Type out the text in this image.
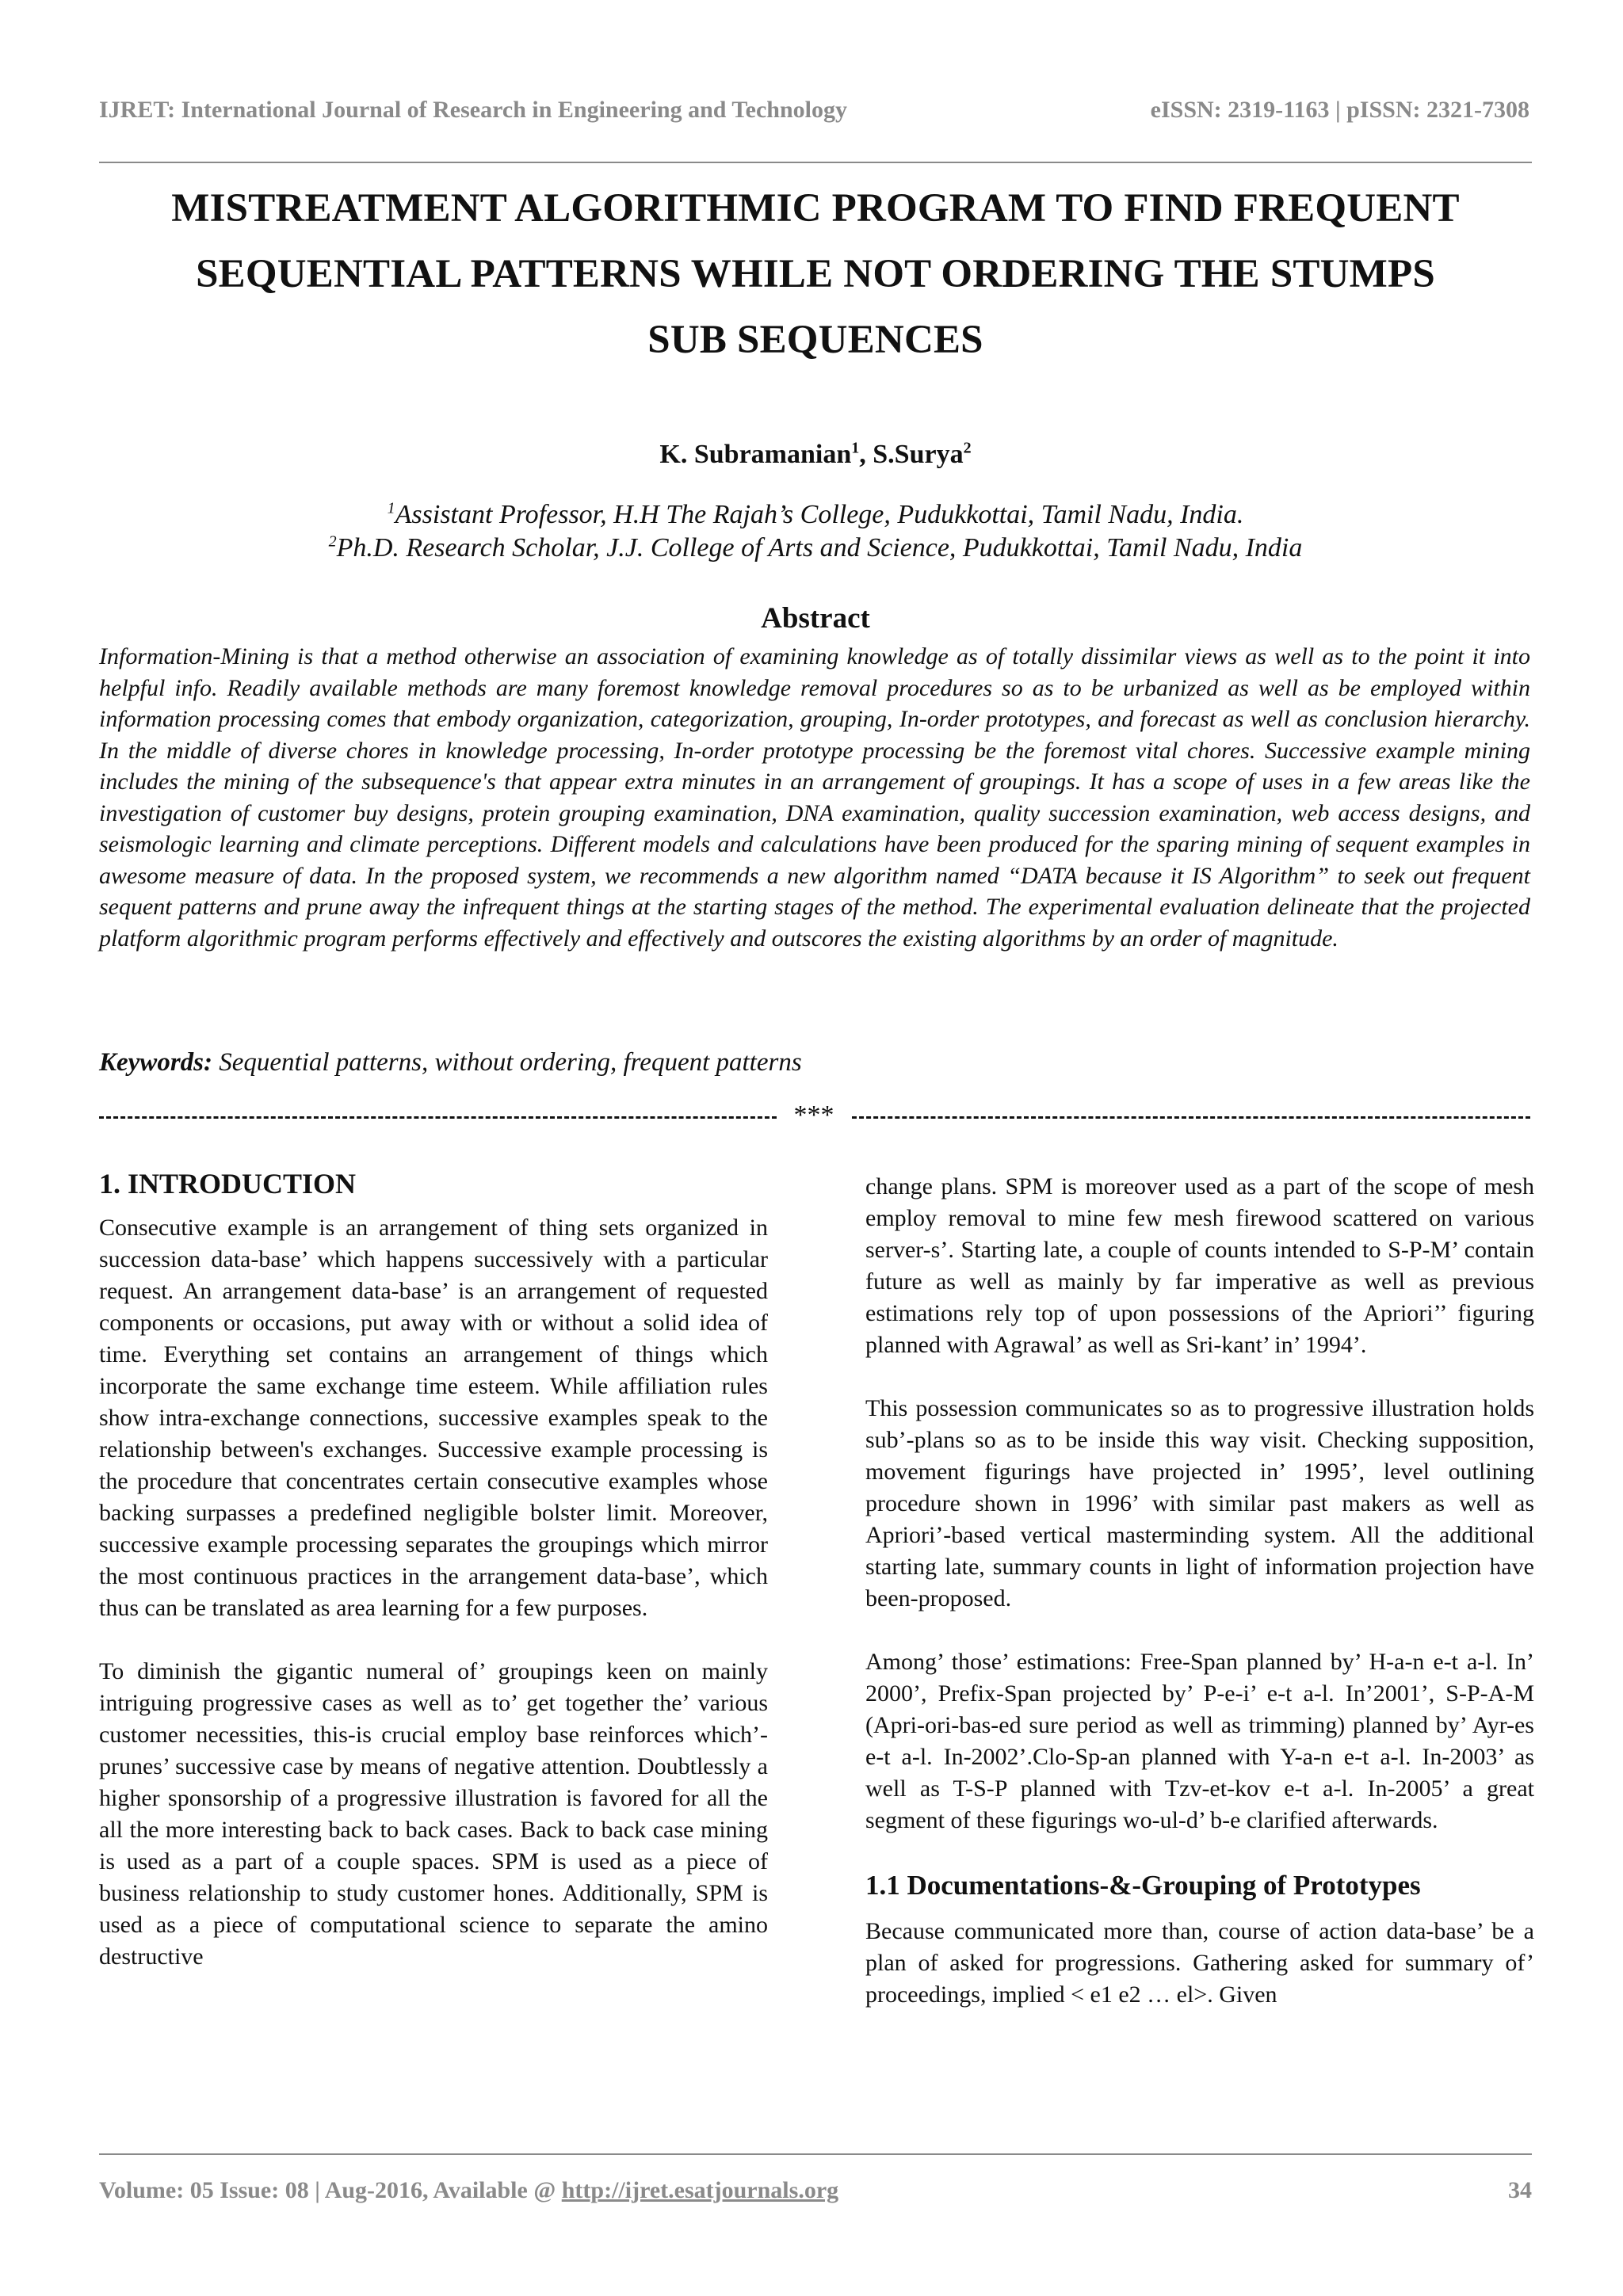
IJRET: International Journal of Research in Engineering and Technology	eISSN: 2319-1163 | pISSN: 2321-7308
MISTREATMENT ALGORITHMIC PROGRAM TO FIND FREQUENT
SEQUENTIAL PATTERNS WHILE NOT ORDERING THE STUMPS
SUB SEQUENCES
K. Subramanian$^1$, S.Surya$^2$
$^1$Assistant Professor, H.H The Rajah’s College, Pudukkottai, Tamil Nadu, India.
$^2$Ph.D. Research Scholar, J.J. College of Arts and Science, Pudukkottai, Tamil Nadu, India
Abstract
Information-Mining is that a method otherwise an association of examining knowledge as of totally dissimilar views as well as to the point it into helpful info. Readily available methods are many foremost knowledge removal procedures so as to be urbanized as well as be employed within information processing comes that embody organization, categorization, grouping, In-order prototypes, and forecast as well as conclusion hierarchy. In the middle of diverse chores in knowledge processing, In-order prototype processing be the foremost vital chores. Successive example mining includes the mining of the subsequence's that appear extra minutes in an arrangement of groupings. It has a scope of uses in a few areas like the investigation of customer buy designs, protein grouping examination, DNA examination, quality succession examination, web access designs, and seismologic learning and climate perceptions. Different models and calculations have been produced for the sparing mining of sequent examples in awesome measure of data. In the proposed system, we recommends a new algorithm named “DATA because it IS Algorithm” to seek out frequent sequent patterns and prune away the infrequent things at the starting stages of the method. The experimental evaluation delineate that the projected platform algorithmic program performs effectively and effectively and outscores the existing algorithms by an order of magnitude.
Keywords: Sequential patterns, without ordering, frequent patterns
***
1. INTRODUCTION

Consecutive example is an arrangement of thing sets organized in succession data-base’ which happens successively with a particular request. An arrangement data-base’ is an arrangement of requested components or occasions, put away with or without a solid idea of time. Everything set contains an arrangement of things which incorporate the same exchange time esteem. While affiliation rules show intra-exchange connections, successive examples speak to the relationship between's exchanges. Successive example processing is the procedure that concentrates certain consecutive examples whose backing surpasses a predefined negligible bolster limit. Moreover, successive example processing separates the groupings which mirror the most continuous practices in the arrangement data-base’, which thus can be translated as area learning for a few purposes.

To diminish the gigantic numeral of’ groupings keen on mainly intriguing progressive cases as well as to’ get together the’ various customer necessities, this-is crucial employ base reinforces which’-prunes’ successive case by means of negative attention. Doubtlessly a higher sponsorship of a progressive illustration is favored for all the all the more interesting back to back cases. Back to back case mining is used as a part of a couple spaces. SPM is used as a piece of business relationship to study customer hones. Additionally, SPM is used as a piece of computational science to separate the amino destructive

change plans. SPM is moreover used as a part of the scope of mesh employ removal to mine few mesh firewood scattered on various server-s’. Starting late, a couple of counts intended to S-P-M’ contain future as well as mainly by far imperative as well as previous estimations rely top of upon possessions of the Apriori’’ figuring planned with Agrawal’ as well as Sri-kant’ in’ 1994’.

This possession communicates so as to progressive illustration holds sub’-plans so as to be inside this way visit. Checking supposition, movement figurings have projected in’ 1995’, level outlining procedure shown in 1996’ with similar past makers as well as Apriori’-based vertical masterminding system. All the additional starting late, summary counts in light of information projection have been-proposed.

Among’ those’ estimations: Free-Span planned by’ H-a-n e-t a-l. In’ 2000’, Prefix-Span projected by’ P-e-i’ e-t a-l. In’2001’, S-P-A-M (Apri-ori-bas-ed sure period as well as trimming) planned by’ Ayr-es e-t a-l. In-2002’.Clo-Sp-an planned with Y-a-n e-t a-l. In-2003’ as well as T-S-P planned with Tzv-et-kov e-t a-l. In-2005’ a great segment of these figurings wo-ul-d’ b-e clarified afterwards.

1.1 Documentations-&-Grouping of Prototypes

Because communicated more than, course of action data-base’ be a plan of asked for progressions. Gathering asked for summary of’ proceedings, implied < e1 e2 … el>. Given

Volume: 05 Issue: 08 | Aug-2016, Available @ http://ijret.esatjournals.org	34
